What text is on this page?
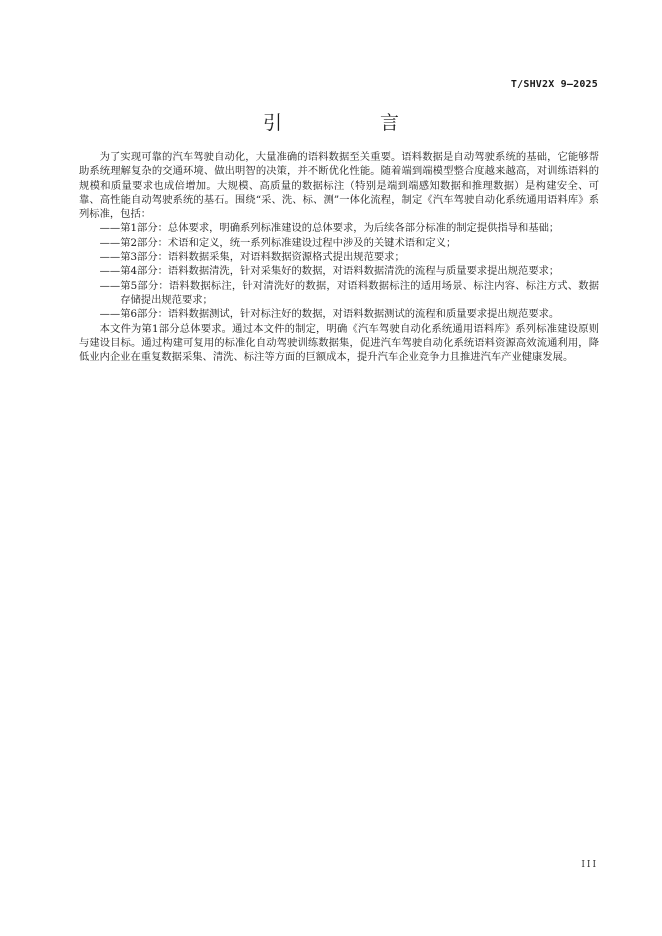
T/SHV2X 9—2025
引 言

为了实现可靠的汽车驾驶自动化，大量准确的语料数据至关重要。语料数据是自动驾驶系统的基础，它能够帮助系统理解复杂的交通环境、做出明智的决策，并不断优化性能。随着端到端模型整合度越来越高，对训练语料的规模和质量要求也成倍增加。大规模、高质量的数据标注（特别是端到端感知数据和推理数据）是构建安全、可靠、高性能自动驾驶系统的基石。围绕“采、洗、标、测”一体化流程，制定《汽车驾驶自动化系统通用语料库》系列标准，包括：

—— 第1部分：总体要求，明确系列标准建设的总体要求，为后续各部分标准的制定提供指导和基础；
—— 第2部分：术语和定义，统一系列标准建设过程中涉及的关键术语和定义；
—— 第3部分：语料数据采集，对语料数据资源格式提出规范要求；
—— 第4部分：语料数据清洗，针对采集好的数据，对语料数据清洗的流程与质量要求提出规范要求；
—— 第5部分：语料数据标注，针对清洗好的数据，对语料数据标注的适用场景、标注内容、标注方式、数据存储提出规范要求；
—— 第6部分：语料数据测试，针对标注好的数据，对语料数据测试的流程和质量要求提出规范要求。

本文件为第1部分总体要求。通过本文件的制定，明确《汽车驾驶自动化系统通用语料库》系列标准建设原则与建设目标。通过构建可复用的标准化自动驾驶训练数据集，促进汽车驾驶自动化系统语料资源高效流通利用，降低业内企业在重复数据采集、清洗、标注等方面的巨额成本，提升汽车企业竞争力且推进汽车产业健康发展。

III
